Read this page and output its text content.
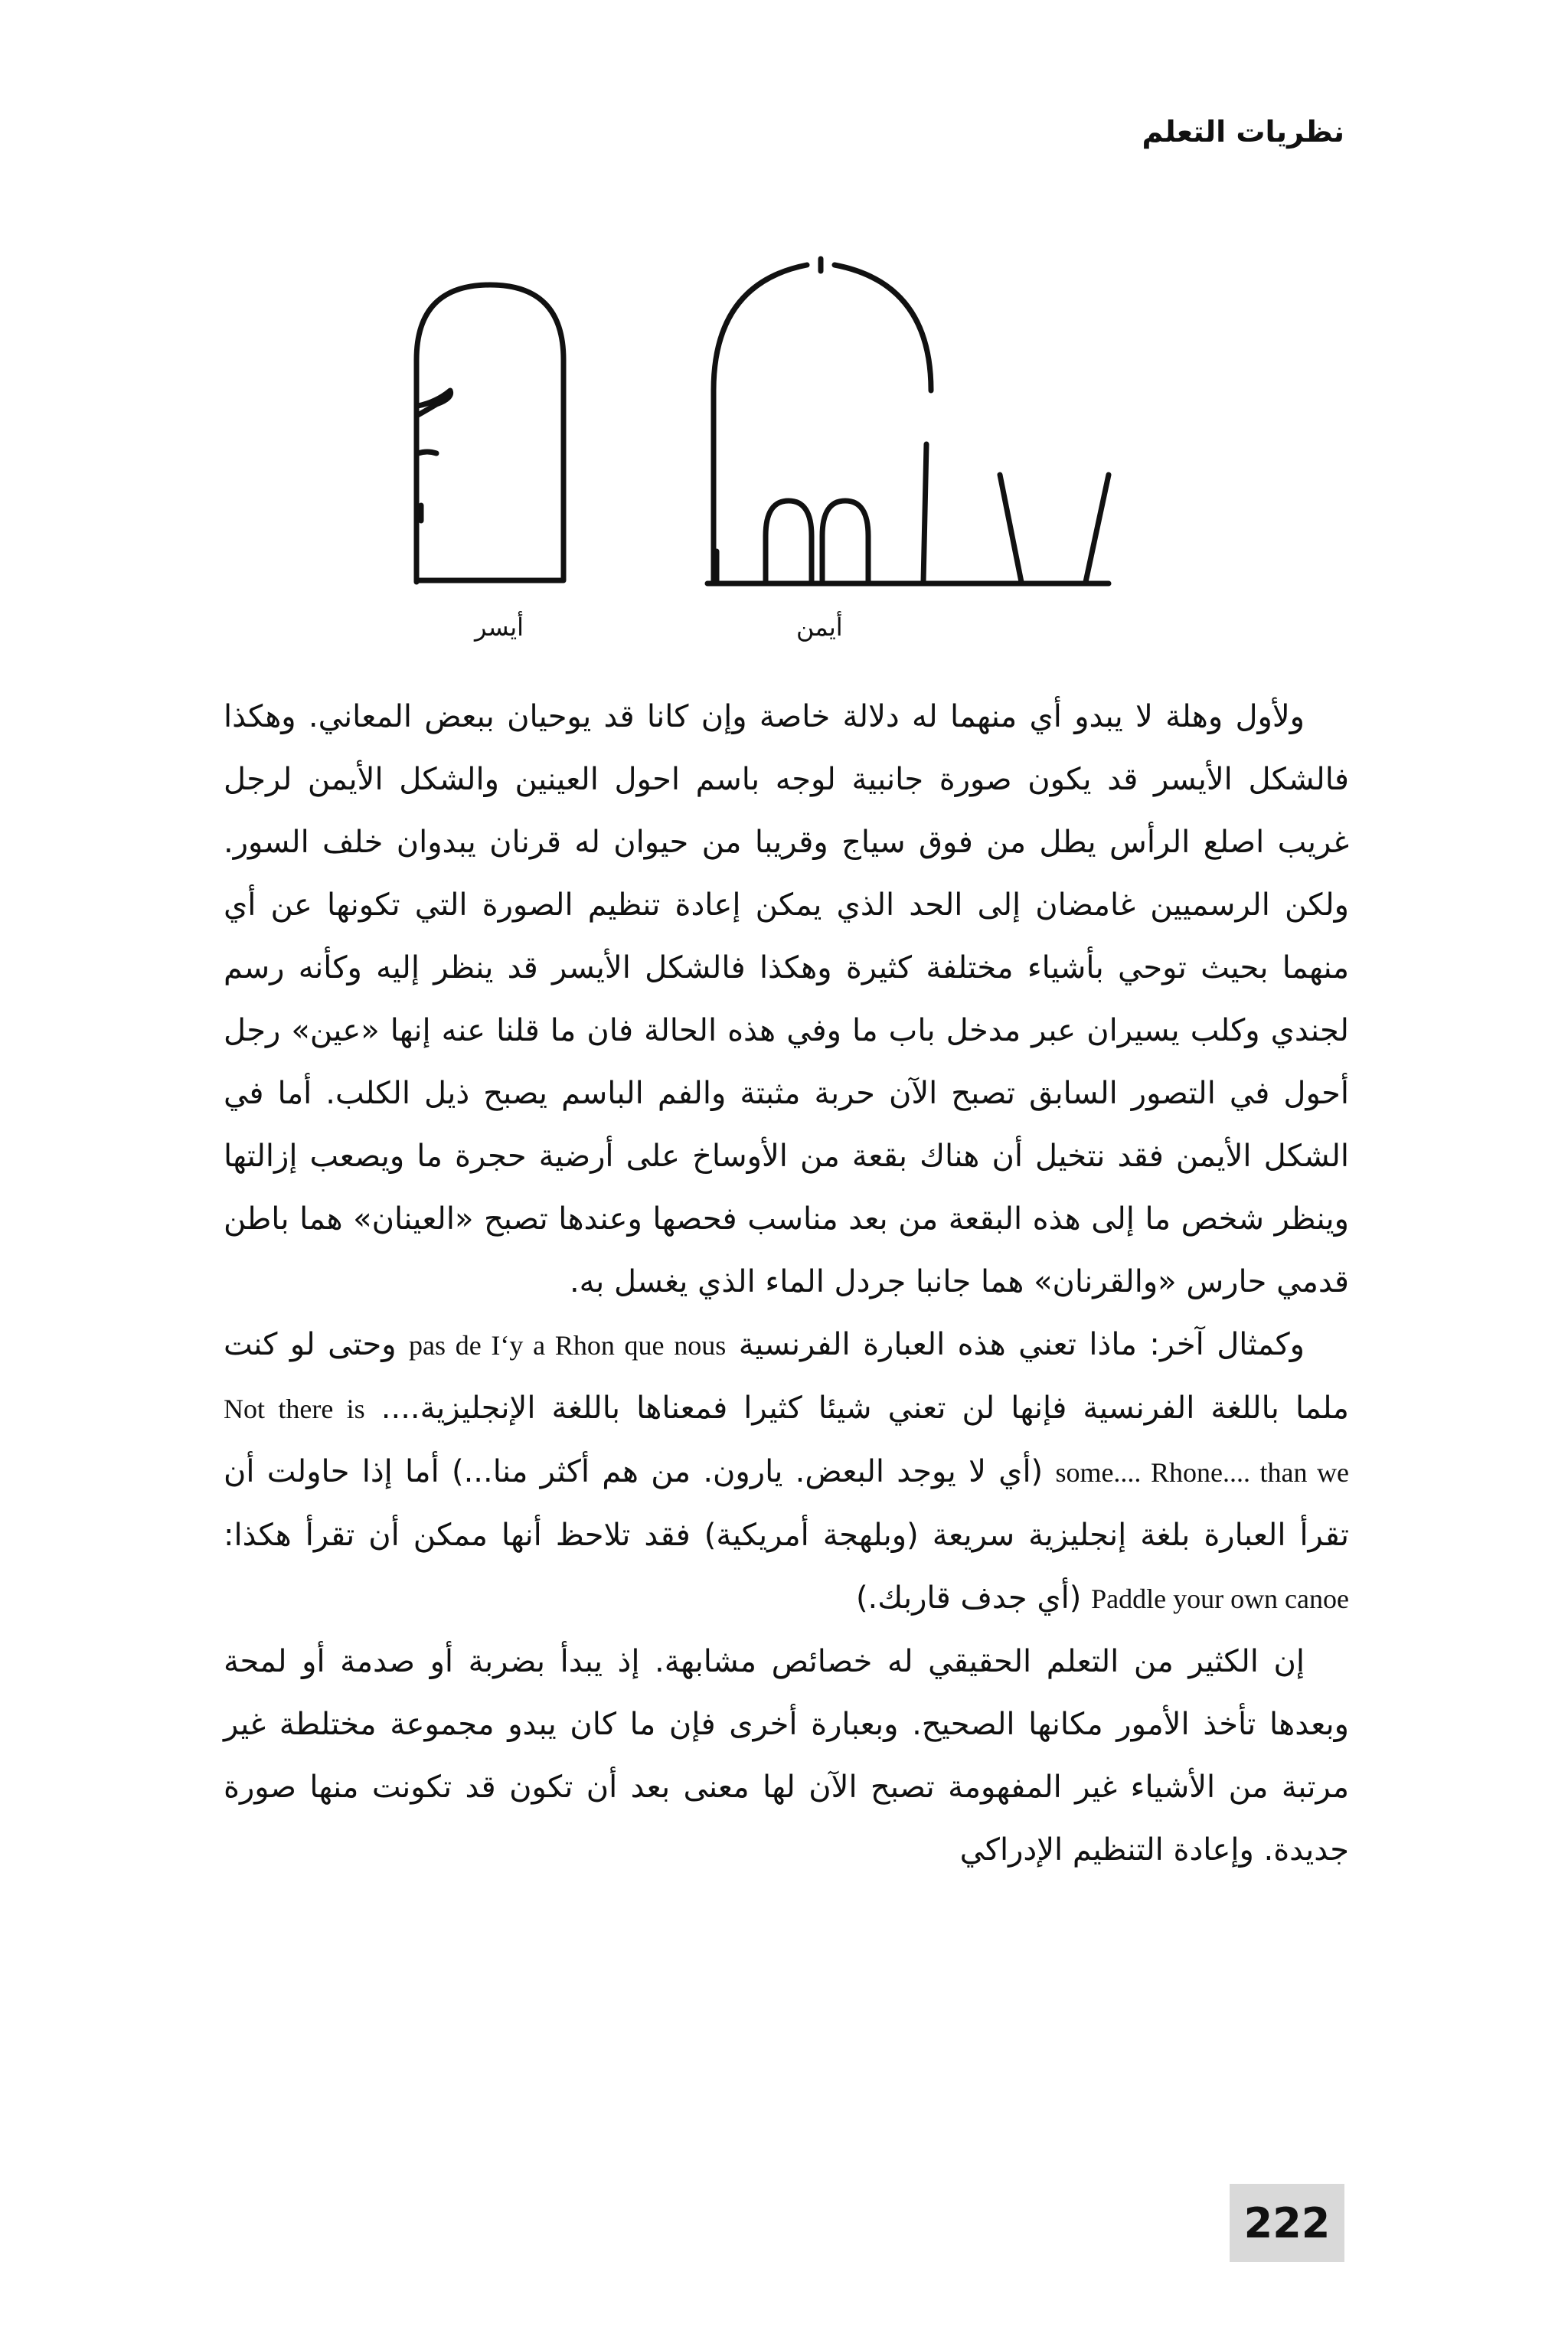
نظريات التعلم
أيمن
أيسر

ولأول وهلة لا يبدو أي منهما له دلالة خاصة وإن كانا قد يوحيان ببعض المعاني. وهكذا فالشكل الأيسر قد يكون صورة جانبية لوجه باسم احول العينين والشكل الأيمن لرجل غريب اصلع الرأس يطل من فوق سياج وقريبا من حيوان له قرنان يبدوان خلف السور. ولكن الرسميين غامضان إلى الحد الذي يمكن إعادة تنظيم الصورة التي تكونها عن أي منهما بحيث توحي بأشياء مختلفة كثيرة وهكذا فالشكل الأيسر قد ينظر إليه وكأنه رسم لجندي وكلب يسيران عبر مدخل باب ما وفي هذه الحالة فان ما قلنا عنه إنها «عين» رجل أحول في التصور السابق تصبح الآن حربة مثبتة والفم الباسم يصبح ذيل الكلب. أما في الشكل الأيمن فقد نتخيل أن هناك بقعة من الأوساخ على أرضية حجرة ما ويصعب إزالتها وينظر شخص ما إلى هذه البقعة من بعد مناسب فحصها وعندها تصبح «العينان» هما باطن قدمي حارس «والقرنان» هما جانبا جردل الماء الذي يغسل به.

وكمثال آخر: ماذا تعني هذه العبارة الفرنسية pas de I‘y a Rhon que nous وحتى لو كنت ملما باللغة الفرنسية فإنها لن تعني شيئا كثيرا فمعناها باللغة الإنجليزية.... Not there is some.... Rhone.... than we (أي لا يوجد البعض. يارون. من هم أكثر منا...) أما إذا حاولت أن تقرأ العبارة بلغة إنجليزية سريعة (وبلهجة أمريكية) فقد تلاحظ أنها ممكن أن تقرأ هكذا: Paddle your own canoe (أي جدف قاربك.)

إن الكثير من التعلم الحقيقي له خصائص مشابهة. إذ يبدأ بضربة أو صدمة أو لمحة وبعدها تأخذ الأمور مكانها الصحيح. وبعبارة أخرى فإن ما كان يبدو مجموعة مختلطة غير مرتبة من الأشياء غير المفهومة تصبح الآن لها معنى بعد أن تكون قد تكونت منها صورة جديدة. وإعادة التنظيم الإدراكي

222
